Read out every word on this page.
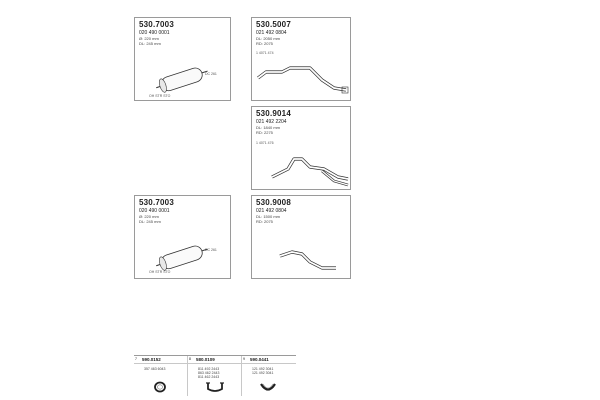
530.7003
020 490 0001
Ø: 220 mm
DL: 245 mm
DC 261
OH STR STO
530.5007
021 492 0804
DL: 2050 mm
RD: 2075
1 4071 474
530.9014
021 492 2204
DL: 1840 mm
RD: 2275
1 4071 476
530.7003
020 490 0001
Ø: 220 mm
DL: 245 mm
DC 261
OH STR STO
530.9008
021 492 0804
DL: 1500 mm
RD: 2075
7 590.0152
357 463 6043
8 580.0109
811 492 2443
863 462 2443
811 462 2443
9 590.0441
121 492 3041
121 492 3041
